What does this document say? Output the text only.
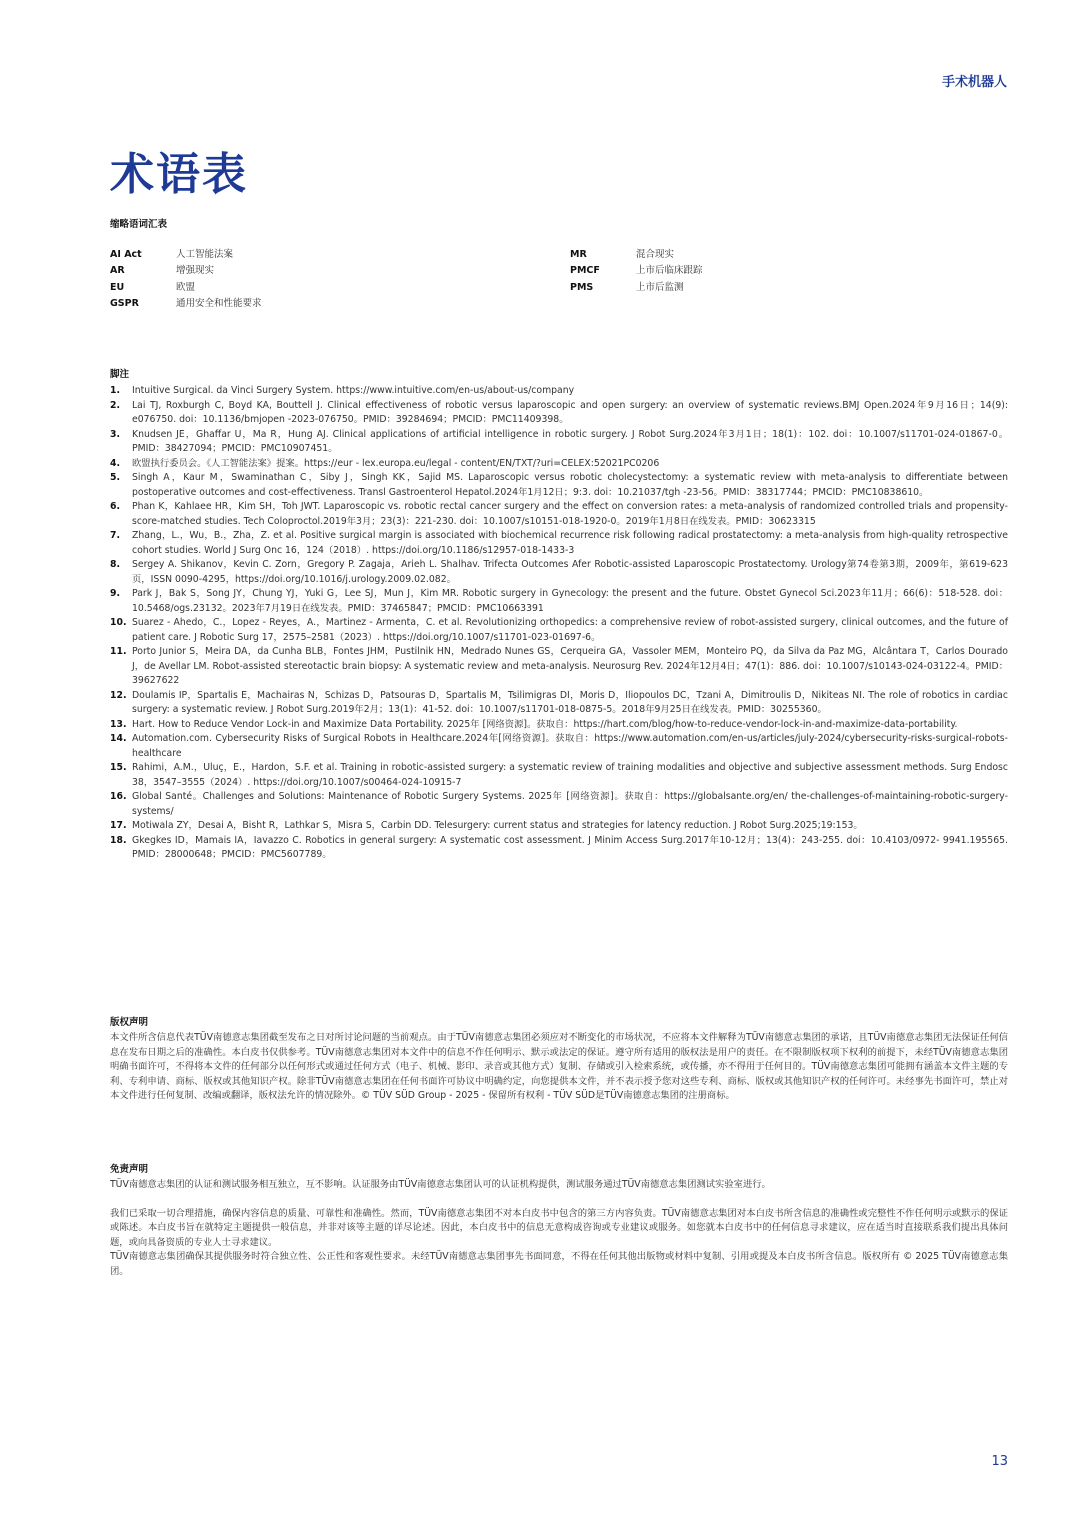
手术机器人
术语表
缩略语词汇表
AI Act	人工智能法案
AR	增强现实
EU	欧盟
GSPR	通用安全和性能要求
MR	混合现实
PMCF	上市后临床跟踪
PMS	上市后监测
脚注
1.	Intuitive Surgical. da Vinci Surgery System. https://www.intuitive.com/en-us/about-us/company
2.	Lai TJ, Roxburgh C, Boyd KA, Bouttell J. Clinical effectiveness of robotic versus laparoscopic and open surgery: an overview of systematic reviews.BMJ Open.2024年9月16日；14(9): e076750. doi：10.1136/bmjopen -2023-076750。PMID：39284694；PMCID：PMC11409398。
3.	Knudsen JE，Ghaffar U，Ma R，Hung AJ. Clinical applications of artificial intelligence in robotic surgery. J Robot Surg.2024年3月1日；18(1)：102. doi：10.1007/s11701-024-01867-0。PMID：38427094；PMCID：PMC10907451。
4.	欧盟执行委员会。《人工智能法案》提案。https://eur - lex.europa.eu/legal - content/EN/TXT/?uri=CELEX:52021PC0206
5.	Singh A，Kaur M，Swaminathan C，Siby J，Singh KK，Sajid MS. Laparoscopic versus robotic cholecystectomy: a systematic review with meta-analysis to differentiate between postoperative outcomes and cost-effectiveness. Transl Gastroenterol Hepatol.2024年1月12日；9:3. doi：10.21037/tgh -23-56。PMID：38317744；PMCID：PMC10838610。
6.	Phan K，Kahlaee HR，Kim SH，Toh JWT. Laparoscopic vs. robotic rectal cancer surgery and the effect on conversion rates: a meta-analysis of randomized controlled trials and propensity-score-matched studies. Tech Coloproctol.2019年3月；23(3)：221-230. doi：10.1007/s10151-018-1920-0。2019年1月8日在线发表。PMID：30623315
7.	Zhang，L.，Wu，B.，Zha，Z. et al. Positive surgical margin is associated with biochemical recurrence risk following radical prostatectomy: a meta-analysis from high-quality retrospective cohort studies. World J Surg Onc 16，124（2018）. https://doi.org/10.1186/s12957-018-1433-3
8.	Sergey A. Shikanov，Kevin C. Zorn，Gregory P. Zagaja，Arieh L. Shalhav. Trifecta Outcomes Afer Robotic-assisted Laparoscopic Prostatectomy. Urology第74卷第3期，2009年，第619-623页，ISSN 0090-4295，https://doi.org/10.1016/j.urology.2009.02.082。
9.	Park J，Bak S，Song JY，Chung YJ，Yuki G，Lee SJ，Mun J，Kim MR. Robotic surgery in Gynecology: the present and the future. Obstet Gynecol Sci.2023年11月；66(6)：518-528. doi：10.5468/ogs.23132。2023年7月19日在线发表。PMID：37465847；PMCID：PMC10663391
10. Suarez - Ahedo，C.，Lopez - Reyes，A.，Martinez - Armenta，C. et al. Revolutionizing orthopedics: a comprehensive review of robot-assisted surgery, clinical outcomes, and the future of patient care. J Robotic Surg 17，2575–2581（2023）. https://doi.org/10.1007/s11701-023-01697-6。
11. Porto Junior S，Meira DA，da Cunha BLB，Fontes JHM，Pustilnik HN，Medrado Nunes GS，Cerqueira GA，Vassoler MEM，Monteiro PQ，da Silva da Paz MG，Alcântara T，Carlos Dourado J，de Avellar LM. Robot-assisted stereotactic brain biopsy: A systematic review and meta-analysis. Neurosurg Rev. 2024年12月4日；47(1)：886. doi：10.1007/s10143-024-03122-4。PMID：39627622
12. Doulamis IP，Spartalis E，Machairas N，Schizas D，Patsouras D，Spartalis M，Tsilimigras DI，Moris D，Iliopoulos DC，Tzani A，Dimitroulis D，Nikiteas NI. The role of robotics in cardiac surgery: a systematic review. J Robot Surg.2019年2月；13(1)：41-52. doi：10.1007/s11701-018-0875-5。2018年9月25日在线发表。PMID：30255360。
13. Hart. How to Reduce Vendor Lock-in and Maximize Data Portability. 2025年 [网络资源]。获取自：https://hart.com/blog/how-to-reduce-vendor-lock-in-and-maximize-data-portability.
14. Automation.com. Cybersecurity Risks of Surgical Robots in Healthcare.2024年[网络资源]。获取自：https://www.automation.com/en-us/articles/july-2024/cybersecurity-risks-surgical-robots-healthcare
15. Rahimi，A.M.，Uluç，E.，Hardon，S.F. et al. Training in robotic-assisted surgery: a systematic review of training modalities and objective and subjective assessment methods. Surg Endosc 38，3547–3555（2024）. https://doi.org/10.1007/s00464-024-10915-7
16. Global Santé。Challenges and Solutions: Maintenance of Robotic Surgery Systems. 2025年 [网络资源]。获取自：https://globalsante.org/en/ the-challenges-of-maintaining-robotic-surgery-systems/
17. Motiwala ZY，Desai A，Bisht R，Lathkar S，Misra S，Carbin DD. Telesurgery: current status and strategies for latency reduction. J Robot Surg.2025;19:153。
18. Gkegkes ID，Mamais IA，Iavazzo C. Robotics in general surgery: A systematic cost assessment. J Minim Access Surg.2017年10-12月；13(4)：243-255. doi：10.4103/0972- 9941.195565. PMID：28000648；PMCID：PMC5607789。
版权声明

本文件所含信息代表TÜV南德意志集团截至发布之日对所讨论问题的当前观点。由于TÜV南德意志集团必须应对不断变化的市场状况，不应将本文件解释为TÜV南德意志集团的承诺，且TÜV南德意志集团无法保证任何信息在发布日期之后的准确性。本白皮书仅供参考。TÜV南德意志集团对本文件中的信息不作任何明示、默示或法定的保证。遵守所有适用的版权法是用户的责任。在不限制版权项下权利的前提下，未经TÜV南德意志集团明确书面许可，不得将本文件的任何部分以任何形式或通过任何方式（电子、机械、影印、录音或其他方式）复制、存储或引入检索系统，或传播，亦不得用于任何目的。TÜV南德意志集团可能拥有涵盖本文件主题的专利、专利申请、商标、版权或其他知识产权。除非TÜV南德意志集团在任何书面许可协议中明确约定，向您提供本文件，并不表示授予您对这些专利、商标、版权或其他知识产权的任何许可。未经事先书面许可，禁止对本文件进行任何复制、改编或翻译，版权法允许的情况除外。© TÜV SÜD Group - 2025 - 保留所有权利 - TÜV SÜD是TÜV南德意志集团的注册商标。

免责声明

TÜV南德意志集团的认证和测试服务相互独立，互不影响。认证服务由TÜV南德意志集团认可的认证机构提供，测试服务通过TÜV南德意志集团测试实验室进行。

我们已采取一切合理措施，确保内容信息的质量、可靠性和准确性。然而，TÜV南德意志集团不对本白皮书中包含的第三方内容负责。TÜV南德意志集团对本白皮书所含信息的准确性或完整性不作任何明示或默示的保证或陈述。本白皮书旨在就特定主题提供一般信息，并非对该等主题的详尽论述。因此，本白皮书中的信息无意构成咨询或专业建议或服务。如您就本白皮书中的任何信息寻求建议，应在适当时直接联系我们提出具体问题，或向具备资质的专业人士寻求建议。

TÜV南德意志集团确保其提供服务时符合独立性、公正性和客观性要求。未经TÜV南德意志集团事先书面同意，不得在任何其他出版物或材料中复制、引用或提及本白皮书所含信息。版权所有 © 2025 TÜV南德意志集团。

13
